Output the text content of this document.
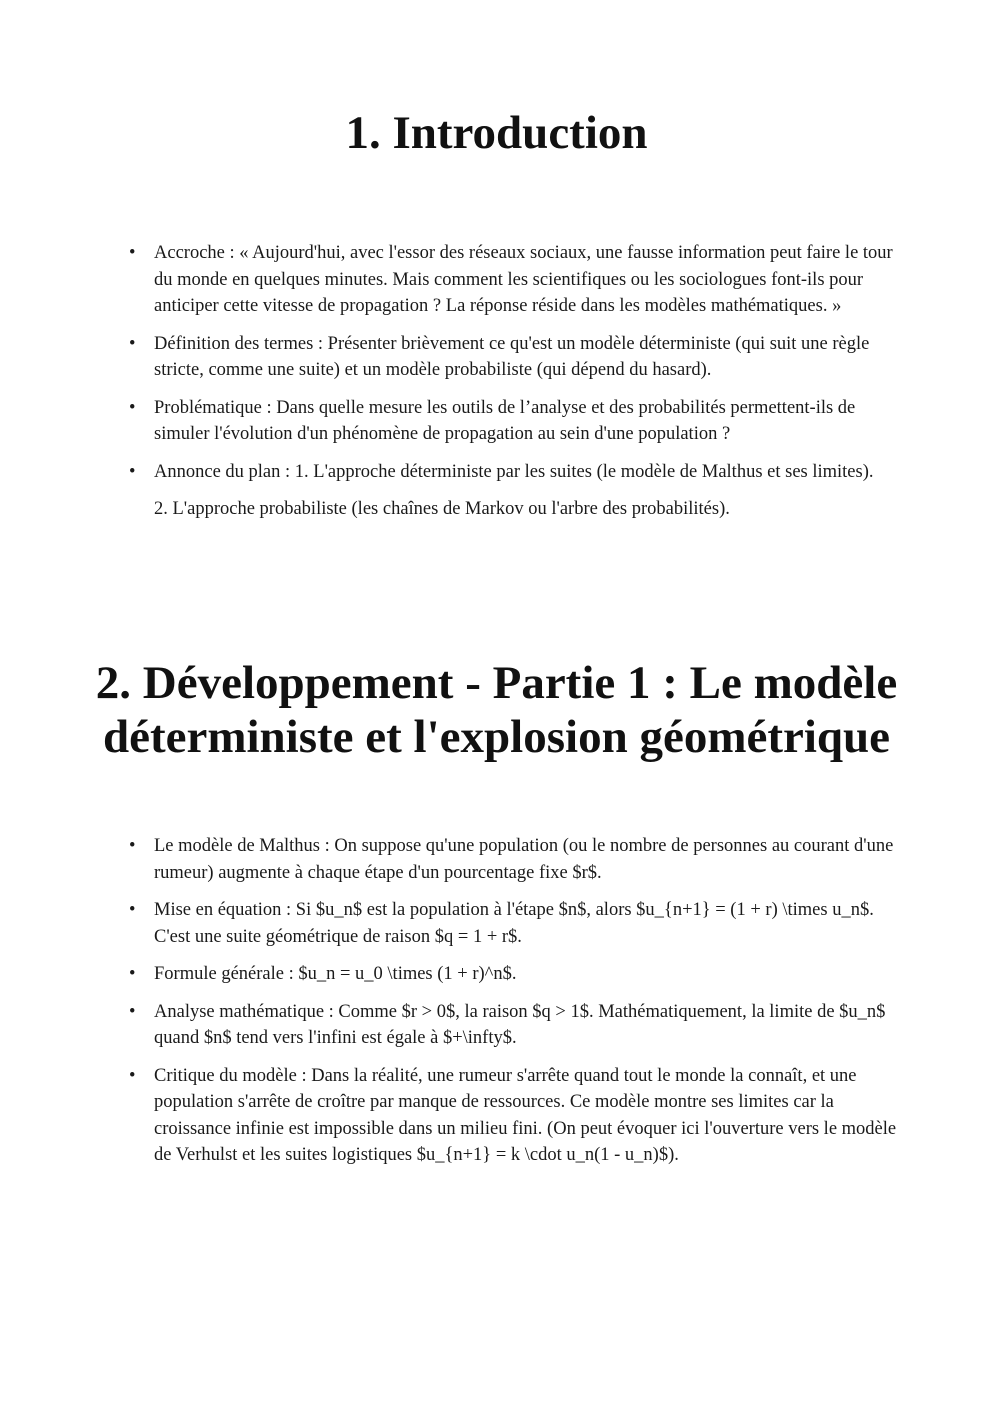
1. Introduction
• Accroche : « Aujourd'hui, avec l'essor des réseaux sociaux, une fausse information peut faire le tour du monde en quelques minutes. Mais comment les scientifiques ou les sociologues font-ils pour anticiper cette vitesse de propagation ? La réponse réside dans les modèles mathématiques. »
• Définition des termes : Présenter brièvement ce qu'est un modèle déterministe (qui suit une règle stricte, comme une suite) et un modèle probabiliste (qui dépend du hasard).
• Problématique : Dans quelle mesure les outils de l’analyse et des probabilités permettent-ils de simuler l'évolution d'un phénomène de propagation au sein d'une population ?
• Annonce du plan : 1. L'approche déterministe par les suites (le modèle de Malthus et ses limites).
2. L'approche probabiliste (les chaînes de Markov ou l'arbre des probabilités).
2. Développement - Partie 1 : Le modèle déterministe et l'explosion géométrique
• Le modèle de Malthus : On suppose qu'une population (ou le nombre de personnes au courant d'une rumeur) augmente à chaque étape d'un pourcentage fixe $r$.
• Mise en équation : Si $u_n$ est la population à l'étape $n$, alors $u_{n+1} = (1 + r) \times u_n$. C'est une suite géométrique de raison $q = 1 + r$.
• Formule générale : $u_n = u_0 \times (1 + r)^n$.
• Analyse mathématique : Comme $r > 0$, la raison $q > 1$. Mathématiquement, la limite de $u_n$ quand $n$ tend vers l'infini est égale à $+\infty$.
• Critique du modèle : Dans la réalité, une rumeur s'arrête quand tout le monde la connaît, et une population s'arrête de croître par manque de ressources. Ce modèle montre ses limites car la croissance infinie est impossible dans un milieu fini. (On peut évoquer ici l'ouverture vers le modèle de Verhulst et les suites logistiques $u_{n+1} = k \cdot u_n(1 - u_n)$).
